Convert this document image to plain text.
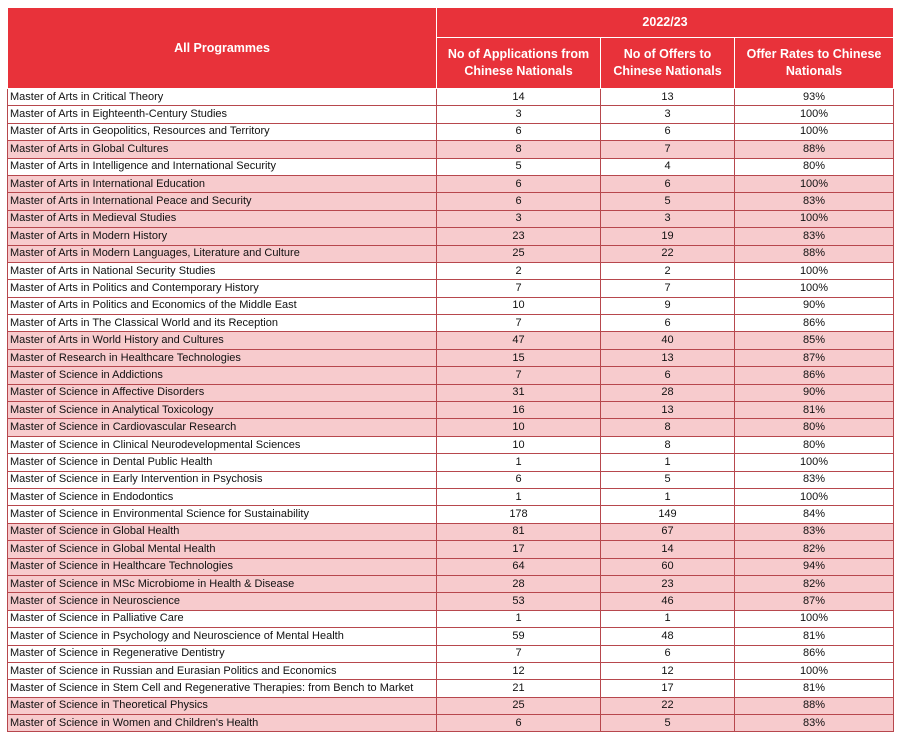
All Programmes	2022/23		
	No of Applications from Chinese Nationals	No of Offers to Chinese Nationals	Offer Rates to Chinese Nationals
Master of Arts in Critical Theory	14	13	93%
Master of Arts in Eighteenth-Century Studies	3	3	100%
Master of Arts in Geopolitics, Resources and Territory	6	6	100%
Master of Arts in Global Cultures	8	7	88%
Master of Arts in Intelligence and International Security	5	4	80%
Master of Arts in International Education	6	6	100%
Master of Arts in International Peace and Security	6	5	83%
Master of Arts in Medieval Studies	3	3	100%
Master of Arts in Modern History	23	19	83%
Master of Arts in Modern Languages, Literature and Culture	25	22	88%
Master of Arts in National Security Studies	2	2	100%
Master of Arts in Politics and Contemporary History	7	7	100%
Master of Arts in Politics and Economics of the Middle East	10	9	90%
Master of Arts in The Classical World and its Reception	7	6	86%
Master of Arts in World History and Cultures	47	40	85%
Master of Research in Healthcare Technologies	15	13	87%
Master of Science in Addictions	7	6	86%
Master of Science in Affective Disorders	31	28	90%
Master of Science in Analytical Toxicology	16	13	81%
Master of Science in Cardiovascular Research	10	8	80%
Master of Science in Clinical Neurodevelopmental Sciences	10	8	80%
Master of Science in Dental Public Health	1	1	100%
Master of Science in Early Intervention in Psychosis	6	5	83%
Master of Science in Endodontics	1	1	100%
Master of Science in Environmental Science for Sustainability	178	149	84%
Master of Science in Global Health	81	67	83%
Master of Science in Global Mental Health	17	14	82%
Master of Science in Healthcare Technologies	64	60	94%
Master of Science in MSc Microbiome in Health & Disease	28	23	82%
Master of Science in Neuroscience	53	46	87%
Master of Science in Palliative Care	1	1	100%
Master of Science in Psychology and Neuroscience of Mental Health	59	48	81%
Master of Science in Regenerative Dentistry	7	6	86%
Master of Science in Russian and Eurasian Politics and Economics	12	12	100%
Master of Science in Stem Cell and Regenerative Therapies: from Bench to Market	21	17	81%
Master of Science in Theoretical Physics	25	22	88%
Master of Science in Women and Children's Health	6	5	83%
